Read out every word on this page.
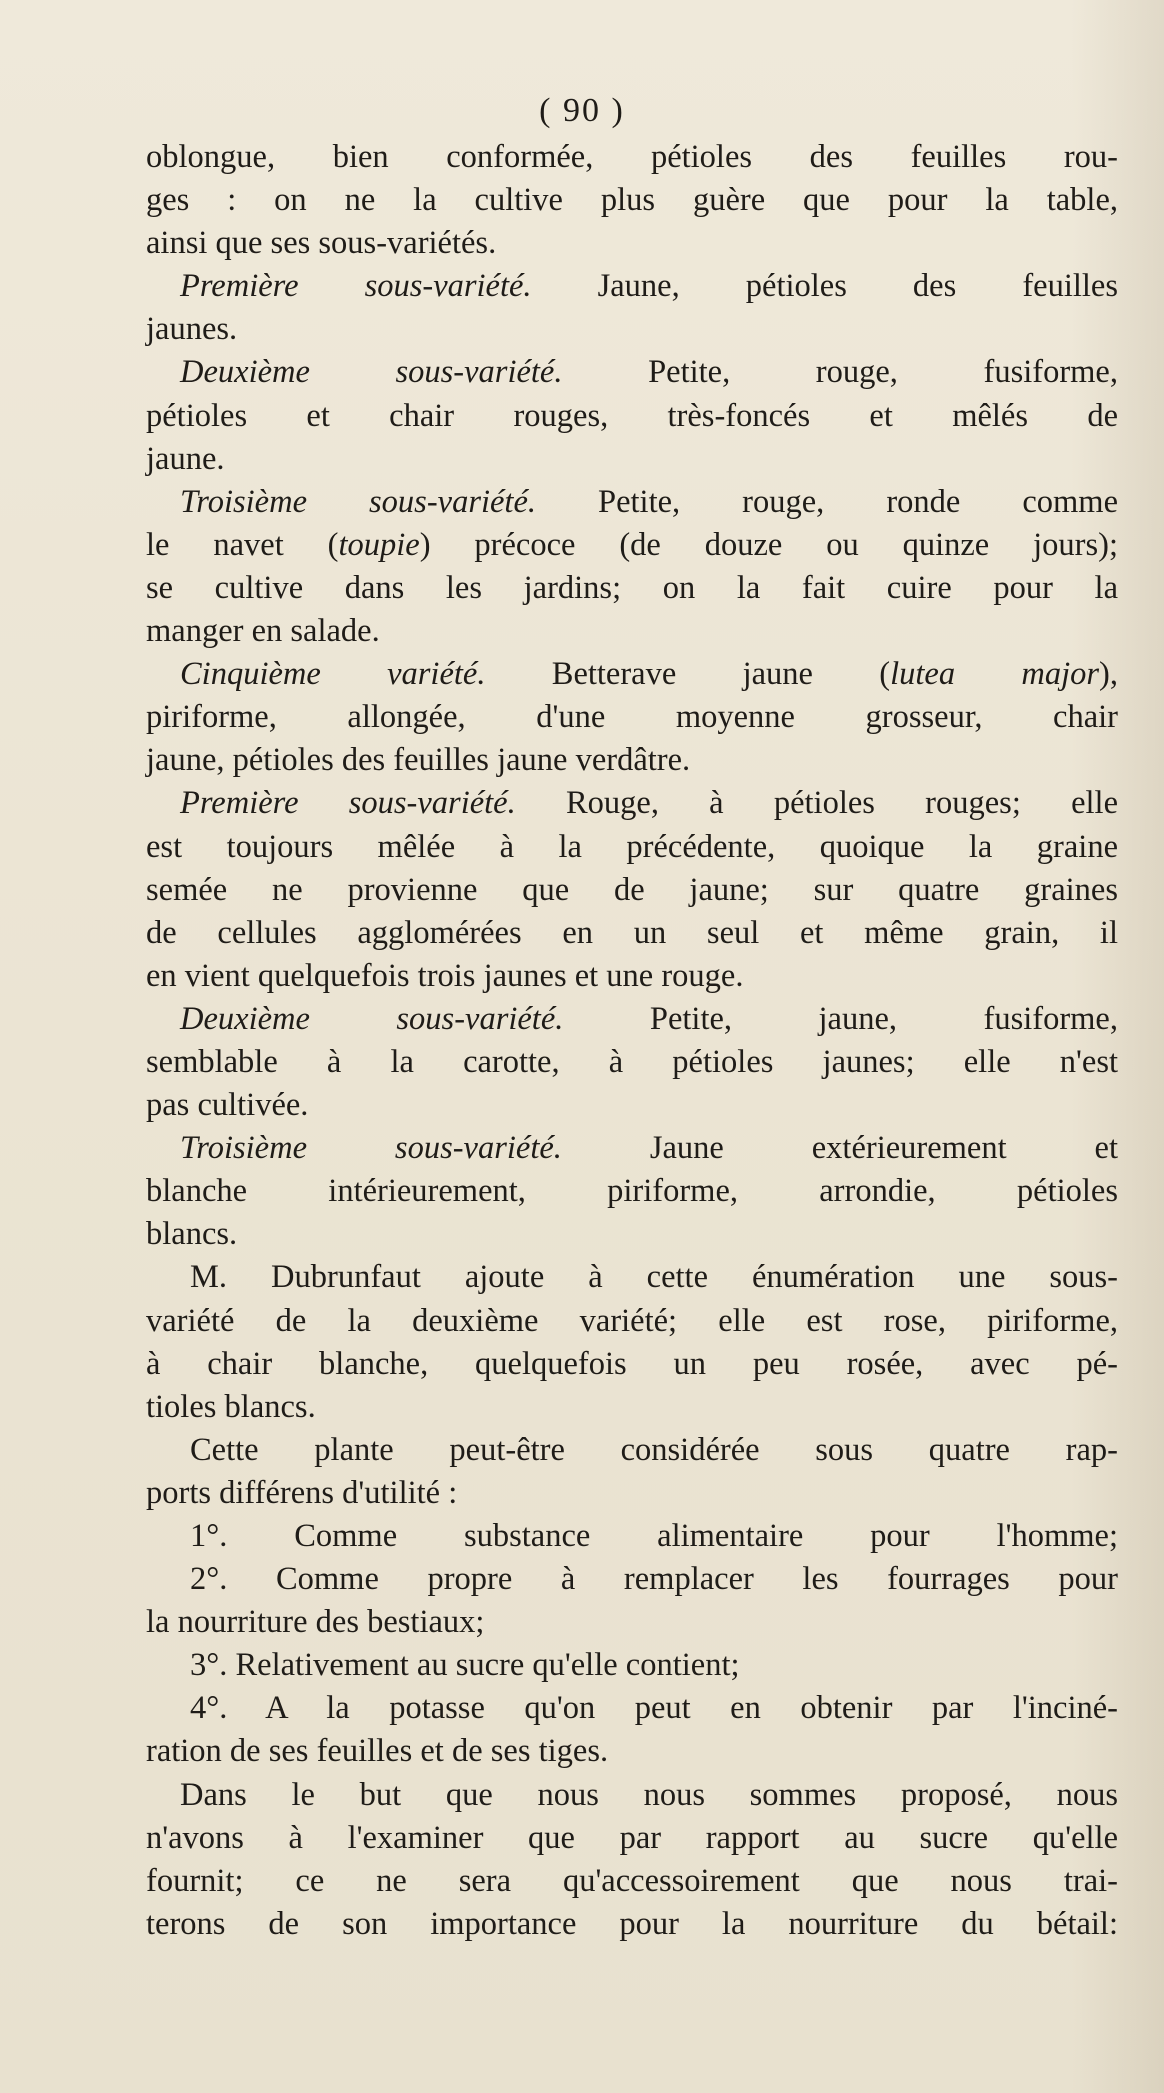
( 90 )
oblongue, bien conformée, pétioles des feuilles rou-
ges : on ne la cultive plus guère que pour la table,
ainsi que ses sous-variétés.
Première sous-variété. Jaune, pétioles des feuilles
jaunes.
Deuxième sous-variété. Petite, rouge, fusiforme,
pétioles et chair rouges, très-foncés et mêlés de
jaune.
Troisième sous-variété. Petite, rouge, ronde comme
le navet (toupie) précoce (de douze ou quinze jours);
se cultive dans les jardins; on la fait cuire pour la
manger en salade.
Cinquième variété. Betterave jaune (lutea major),
piriforme, allongée, d'une moyenne grosseur, chair
jaune, pétioles des feuilles jaune verdâtre.
Première sous-variété. Rouge, à pétioles rouges; elle
est toujours mêlée à la précédente, quoique la graine
semée ne provienne que de jaune; sur quatre graines
de cellules agglomérées en un seul et même grain, il
en vient quelquefois trois jaunes et une rouge.
Deuxième sous-variété. Petite, jaune, fusiforme,
semblable à la carotte, à pétioles jaunes; elle n'est
pas cultivée.
Troisième sous-variété. Jaune extérieurement et
blanche intérieurement, piriforme, arrondie, pétioles
blancs.
M. Dubrunfaut ajoute à cette énumération une sous-
variété de la deuxième variété; elle est rose, piriforme,
à chair blanche, quelquefois un peu rosée, avec pé-
tioles blancs.
Cette plante peut-être considérée sous quatre rap-
ports différens d'utilité :
1°. Comme substance alimentaire pour l'homme;
2°. Comme propre à remplacer les fourrages pour
la nourriture des bestiaux;
3°. Relativement au sucre qu'elle contient;
4°. A la potasse qu'on peut en obtenir par l'inciné-
ration de ses feuilles et de ses tiges.
Dans le but que nous nous sommes proposé, nous
n'avons à l'examiner que par rapport au sucre qu'elle
fournit; ce ne sera qu'accessoirement que nous trai-
terons de son importance pour la nourriture du bétail:
